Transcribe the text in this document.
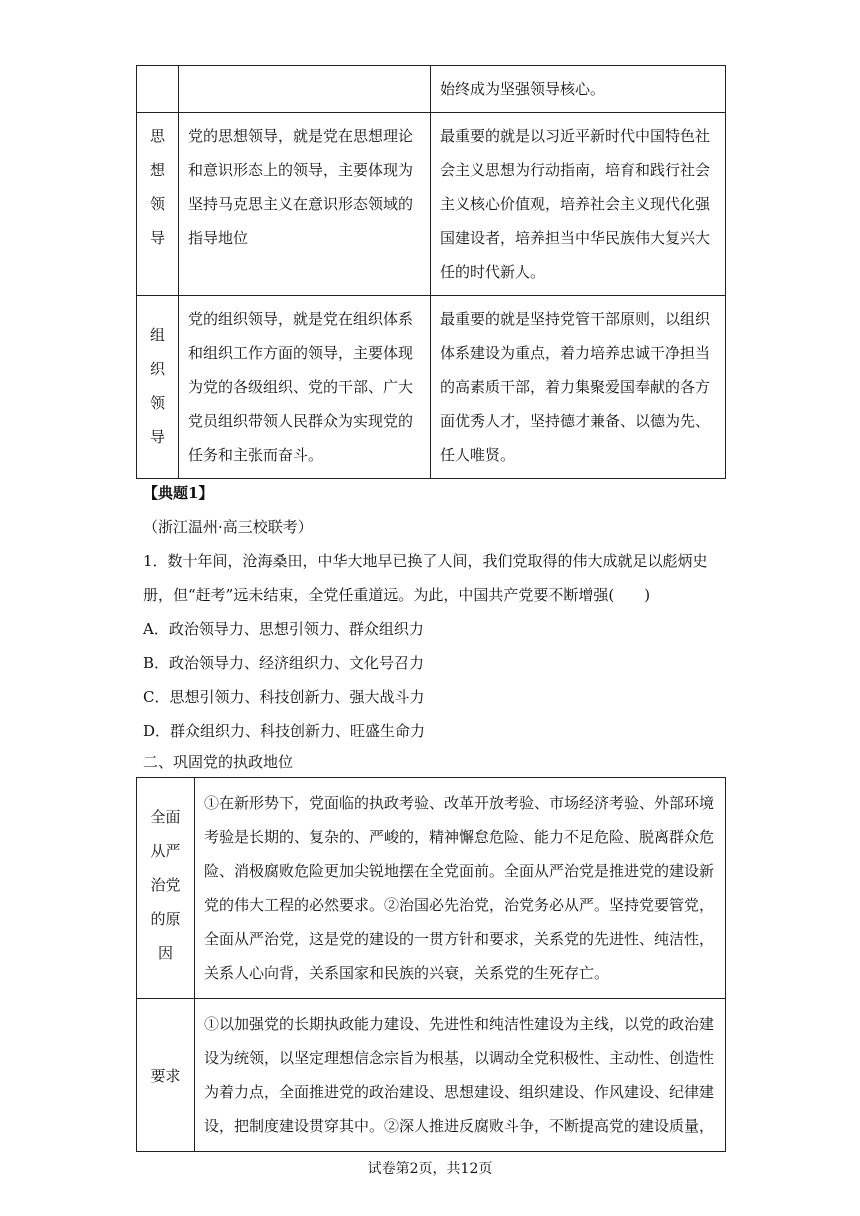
		始终成为坚强领导核心。

思
想
领
导	党的思想领导，就是党在思想理论和意识形态上的领导，主要体现为坚持马克思主义在意识形态领域的指导地位	最重要的就是以习近平新时代中国特色社会主义思想为行动指南，培育和践行社会主义核心价值观，培养社会主义现代化强国建设者，培养担当中华民族伟大复兴大任的时代新人。

组
织
领
导	党的组织领导，就是党在组织体系和组织工作方面的领导，主要体现为党的各级组织、党的干部、广大党员组织带领人民群众为实现党的任务和主张而奋斗。	最重要的就是坚持党管干部原则，以组织体系建设为重点，着力培养忠诚干净担当的高素质干部，着力集聚爱国奉献的各方面优秀人才，坚持德才兼备、以德为先、任人唯贤。
【典题1】
（浙江温州·高三校联考）
1．数十年间，沧海桑田，中华大地早已换了人间，我们党取得的伟大成就足以彪炳史册，但“赶考”远未结束，全党任重道远。为此，中国共产党要不断增强(　　)
A．政治领导力、思想引领力、群众组织力
B．政治领导力、经济组织力、文化号召力
C．思想引领力、科技创新力、强大战斗力
D．群众组织力、科技创新力、旺盛生命力
二、巩固党的执政地位
全面
从严
治党
的原
因	①在新形势下，党面临的执政考验、改革开放考验、市场经济考验、外部环境考验是长期的、复杂的、严峻的，精神懈怠危险、能力不足危险、脱离群众危险、消极腐败危险更加尖锐地摆在全党面前。全面从严治党是推进党的建设新党的伟大工程的必然要求。②治国必先治党，治党务必从严。坚持党要管党，全面从严治党，这是党的建设的一贯方针和要求，关系党的先进性、纯洁性，关系人心向背，关系国家和民族的兴衰，关系党的生死存亡。

要求	①以加强党的长期执政能力建设、先进性和纯洁性建设为主线，以党的政治建设为统领，以坚定理想信念宗旨为根基，以调动全党积极性、主动性、创造性为着力点，全面推进党的政治建设、思想建设、组织建设、作风建设、纪律建设，把制度建设贯穿其中。②深人推进反腐败斗争，不断提高党的建设质量，
试卷第2页，共12页
